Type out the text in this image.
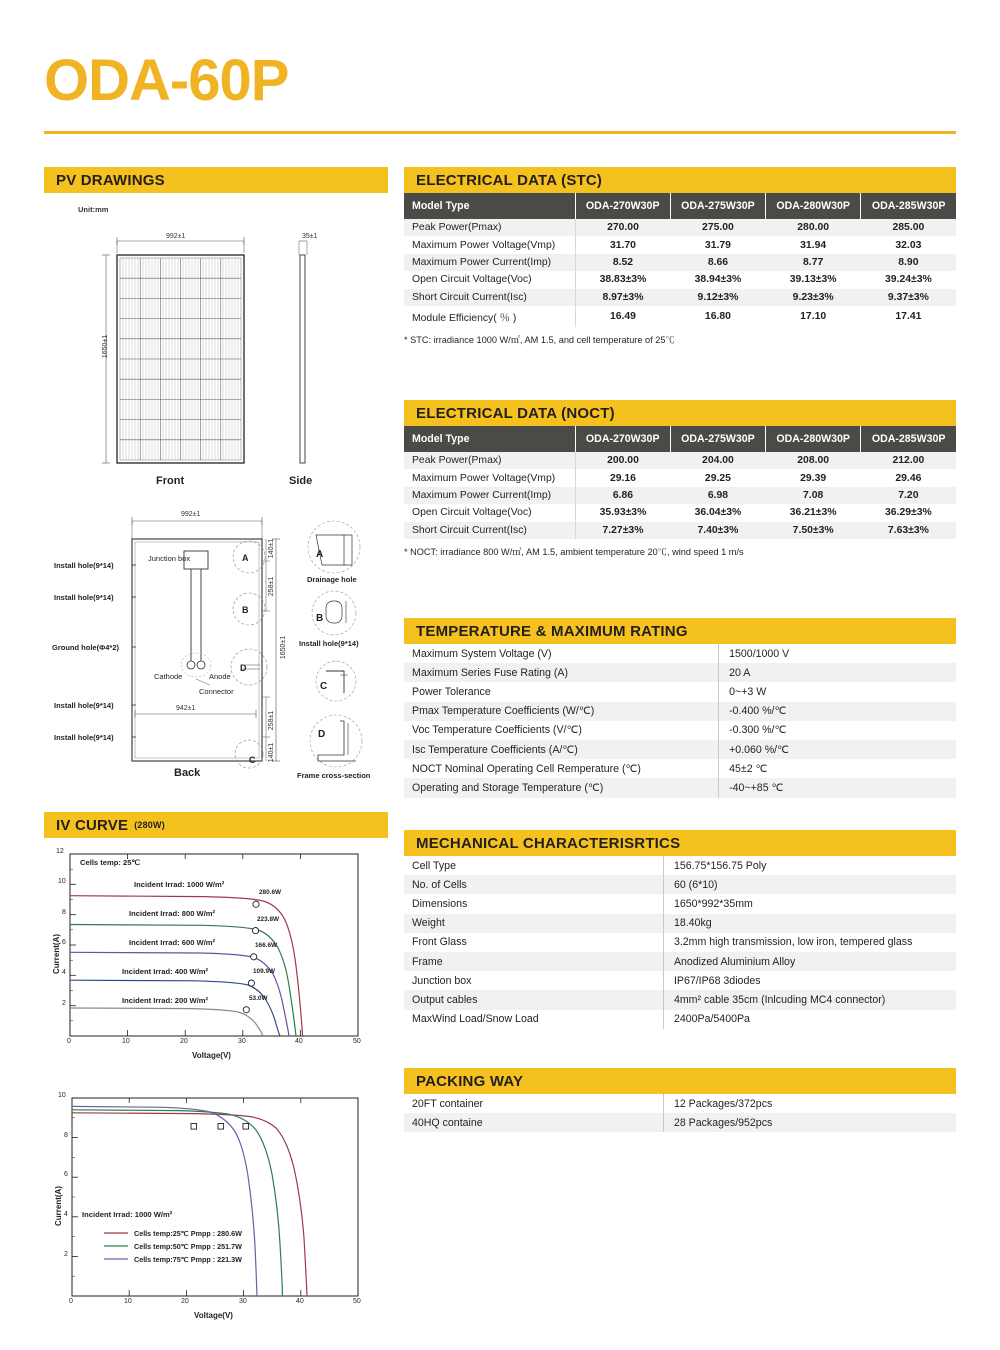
ODA-60P
PV DRAWINGS
Unit:mm
992±1
1650±1
35±1
Front	Side
A
B
D
C
A
B
C
D
992±1
942±1
1650±1
140±1
258±1
258±1
140±1
Junction box
Cathode	Anode
Connector
Install hole(9*14)
Install hole(9*14)
Ground hole(Φ4*2)
Install hole(9*14)
Install hole(9*14)
Back
Drainage hole
Install hole(9*14)
Frame cross-section
IV CURVE (280W)
12
10
8
6
4
2
0	10	20	30	40	50
Current(A)
Voltage(V)
Cells temp: 25℃
Incident Irrad: 1000 W/m²
Incident Irrad: 800 W/m²
Incident Irrad: 600 W/m²
Incident Irrad: 400 W/m²
Incident Irrad: 200 W/m²
280.6W
223.8W
166.6W
109.9W
53.0W
10
8
6
4
2
0	10	20	30	40	50
Current(A)
Voltage(V)
Incident Irrad: 1000 W/m²
Cells temp:25℃ Pmpp : 280.6W
Cells temp:50℃ Pmpp : 251.7W
Cells temp:75℃ Pmpp : 221.3W
ELECTRICAL DATA (STC)
Model Type	ODA-270W30P	ODA-275W30P	ODA-280W30P	ODA-285W30P
Peak Power(Pmax)	270.00	275.00	280.00	285.00
Maximum Power Voltage(Vmp)	31.70	31.79	31.94	32.03
Maximum Power Current(Imp)	8.52	8.66	8.77	8.90
Open Circuit Voltage(Voc)	38.83±3%	38.94±3%	39.13±3%	39.24±3%
Short Circuit Current(Isc)	8.97±3%	9.12±3%	9.23±3%	9.37±3%
Module Efficiency( ％ )	16.49	16.80	17.10	17.41
* STC: irradiance 1000 W/㎡, AM 1.5, and cell temperature of 25℃
ELECTRICAL DATA (NOCT)
Model Type	ODA-270W30P	ODA-275W30P	ODA-280W30P	ODA-285W30P
Peak Power(Pmax)	200.00	204.00	208.00	212.00
Maximum Power Voltage(Vmp)	29.16	29.25	29.39	29.46
Maximum Power Current(Imp)	6.86	6.98	7.08	7.20
Open Circuit Voltage(Voc)	35.93±3%	36.04±3%	36.21±3%	36.29±3%
Short Circuit Current(Isc)	7.27±3%	7.40±3%	7.50±3%	7.63±3%
* NOCT: irradiance 800 W/㎡, AM 1.5, ambient temperature 20℃, wind speed 1 m/s
TEMPERATURE & MAXIMUM RATING
Maximum System Voltage (V)	1500/1000 V
Maximum Series Fuse Rating (A)	20 A
Power Tolerance	0~+3 W
Pmax Temperature Coefficients (W/℃)	-0.400 %/℃
Voc Temperature Coefficients (V/℃)	-0.300 %/℃
Isc Temperature Coefficients (A/℃)	+0.060 %/℃
NOCT Nominal Operating Cell Remperature (℃)	45±2 ℃
Operating and Storage Temperature (℃)	-40~+85 ℃
MECHANICAL CHARACTERISRTICS
Cell Type	156.75*156.75 Poly
No. of Cells	60 (6*10)
Dimensions	1650*992*35mm
Weight	18.40kg
Front Glass	3.2mm high transmission, low iron, tempered glass
Frame	Anodized Aluminium Alloy
Junction box	IP67/IP68 3diodes
Output cables	4mm² cable 35cm (Inlcuding MC4 connector)
MaxWind Load/Snow Load	2400Pa/5400Pa
PACKING WAY
20FT container	12 Packages/372pcs
40HQ containe	28 Packages/952pcs
